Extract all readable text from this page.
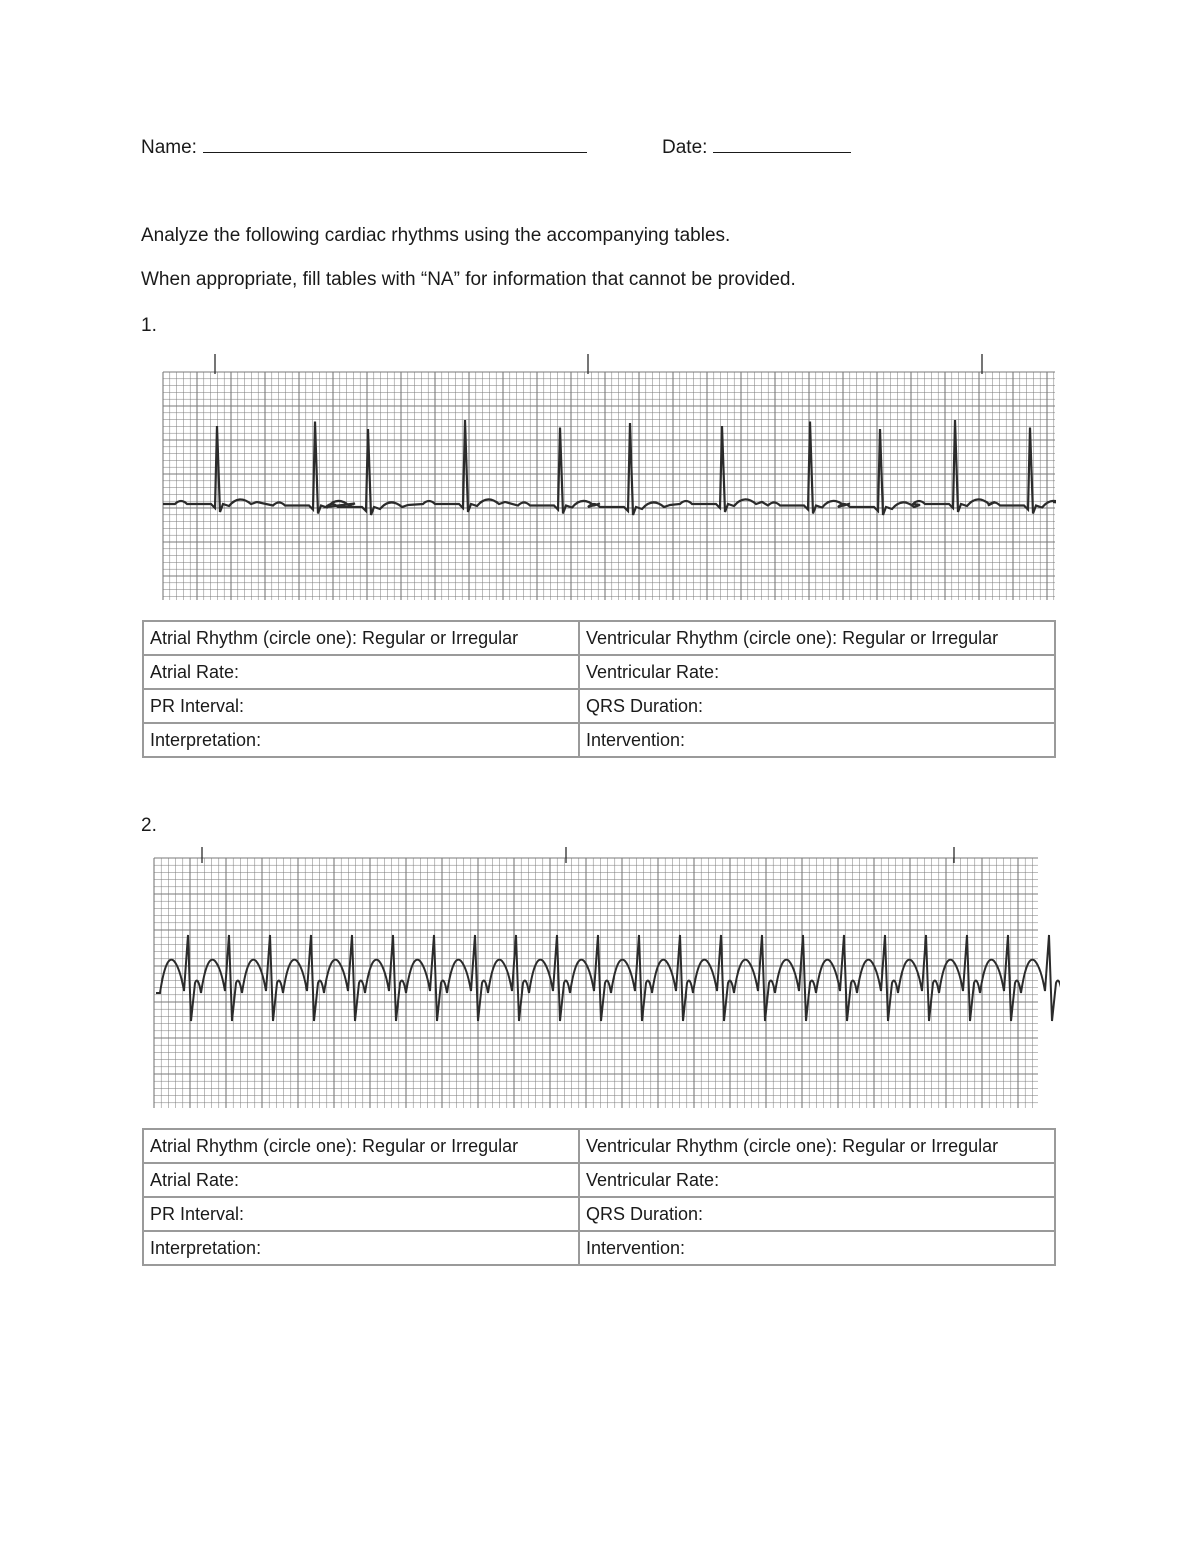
Name:	Date:
Analyze the following cardiac rhythms using the accompanying tables.
When appropriate, fill tables with “NA” for information that cannot be provided.
1.
Atrial Rhythm (circle one): Regular or Irregular	Ventricular Rhythm (circle one): Regular or Irregular
Atrial Rate:	Ventricular Rate:
PR Interval:	QRS Duration:
Interpretation:	Intervention:
2.
Atrial Rhythm (circle one): Regular or Irregular	Ventricular Rhythm (circle one): Regular or Irregular
Atrial Rate:	Ventricular Rate:
PR Interval:	QRS Duration:
Interpretation:	Intervention:
